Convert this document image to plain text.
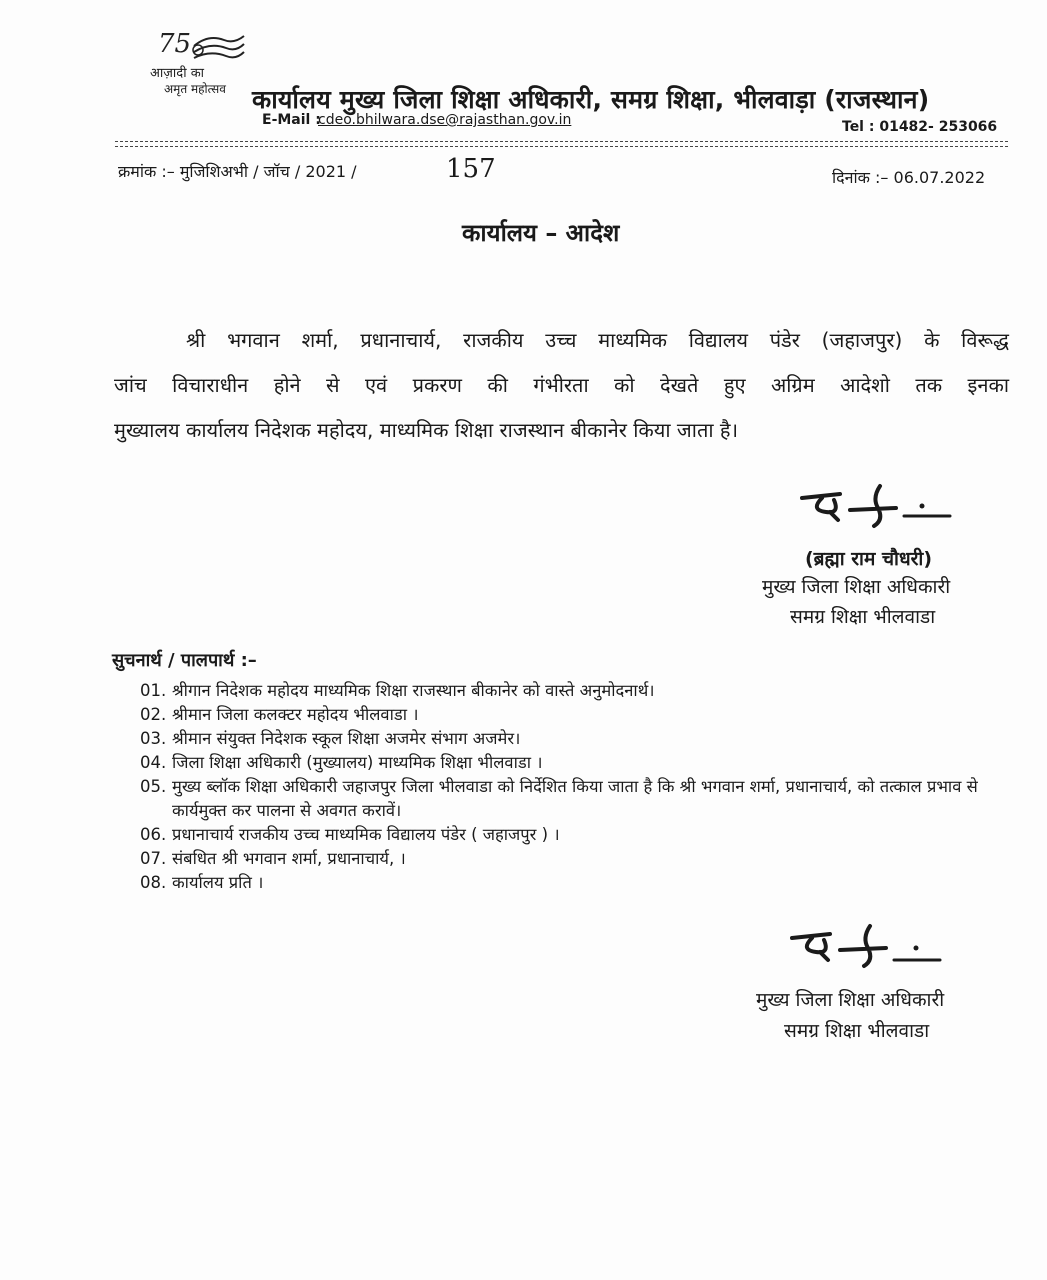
75
आज़ादी का
अमृत महोत्सव कार्यालय मुख्य जिला शिक्षा अधिकारी, समग्र शिक्षा, भीलवाड़ा (राजस्थान)
E-Mail :
cdeo.bhilwara.dse@rajasthan.gov.in	Tel : 01482- 253066
क्रमांक :– मुजिशिअभी / जॉच / 2021 /	157	दिनांक :– 06.07.2022
कार्यालय – आदेश

श्री भगवान शर्मा, प्रधानाचार्य, राजकीय उच्च माध्यमिक विद्यालय पंडेर (जहाजपुर) के विरूद्ध

जांच विचाराधीन होने से एवं प्रकरण की गंभीरता को देखते हुए अग्रिम आदेशो तक इनका

मुख्यालय कार्यालय निदेशक महोदय, माध्यमिक शिक्षा राजस्थान बीकानेर किया जाता है।

(ब्रह्मा राम चौधरी)
मुख्य जिला शिक्षा अधिकारी
समग्र शिक्षा भीलवाडा
सुचनार्थ / पालपार्थ :–
01. श्रीगान निदेशक महोदय माध्यमिक शिक्षा राजस्थान बीकानेर को वास्ते अनुमोदनार्थ।
02. श्रीमान जिला कलक्टर महोदय भीलवाडा ।
03. श्रीमान संयुक्त निदेशक स्कूल शिक्षा अजमेर संभाग अजमेर।
04. जिला शिक्षा अधिकारी (मुख्यालय) माध्यमिक शिक्षा भीलवाडा ।
05. मुख्य ब्लॉक शिक्षा अधिकारी जहाजपुर जिला भीलवाडा को निर्देशित किया जाता है कि श्री भगवान शर्मा, प्रधानाचार्य, को तत्काल प्रभाव से कार्यमुक्त कर पालना से अवगत करावें।
06. प्रधानाचार्य राजकीय उच्च माध्यमिक विद्यालय पंडेर ( जहाजपुर ) ।
07. संबधित श्री भगवान शर्मा, प्रधानाचार्य, ।
08. कार्यालय प्रति ।
मुख्य जिला शिक्षा अधिकारी
समग्र शिक्षा भीलवाडा
